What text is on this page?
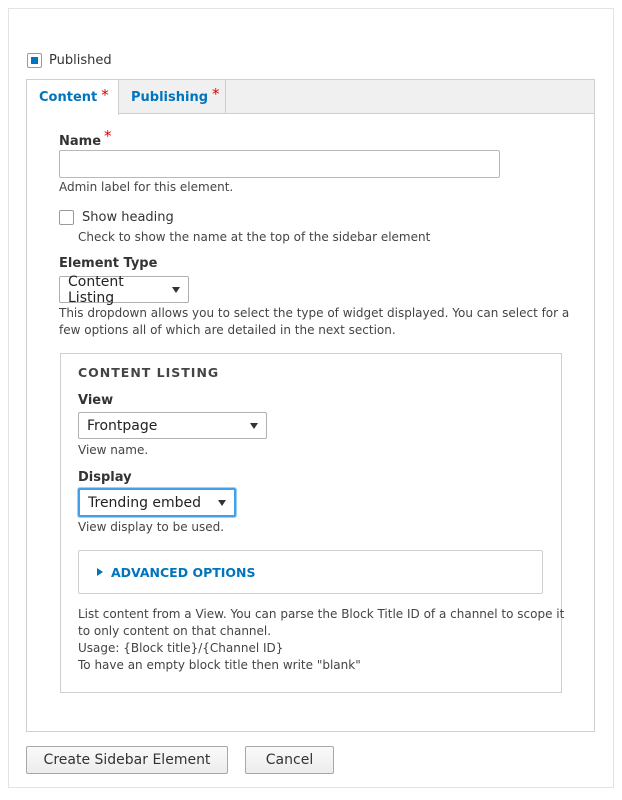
Published
Content * Publishing *
Name *
Admin label for this element.
Show heading
Check to show the name at the top of the sidebar element
Element Type
Content Listing
This dropdown allows you to select the type of widget displayed. You can select for a
few options all of which are detailed in the next section.
CONTENT LISTING
View
Frontpage
View name.
Display
Trending embed
View display to be used.
ADVANCED OPTIONS
List content from a View. You can parse the Block Title ID of a channel to scope it
to only content on that channel.
Usage: {Block title}/{Channel ID}
To have an empty block title then write "blank"
Create Sidebar Element	Cancel
